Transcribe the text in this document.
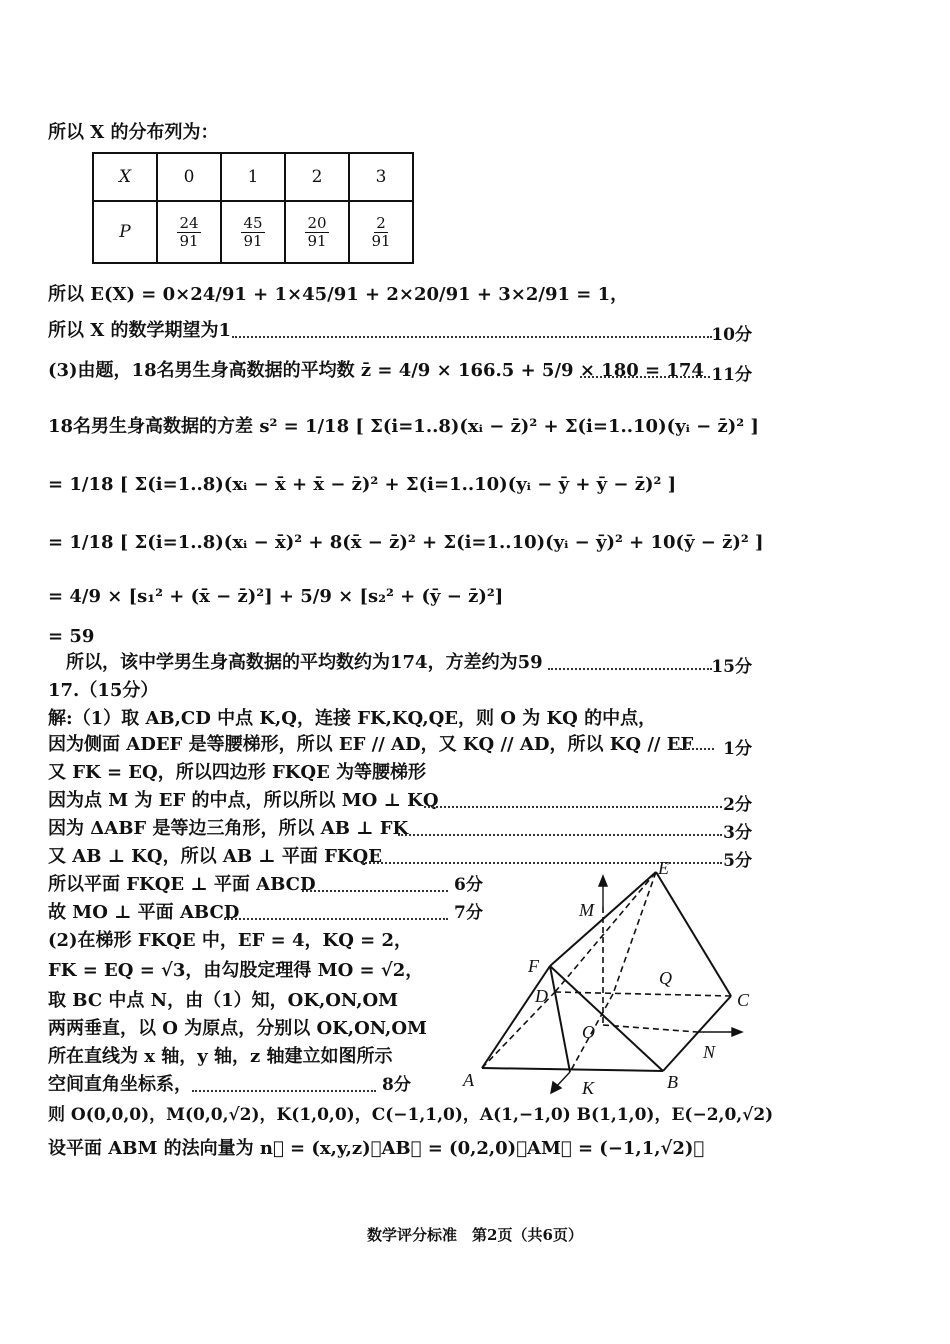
所以 X 的分布列为：
X	0	1	2	3
P	$\frac{24}{91}$	$\frac{45}{91}$	$\frac{20}{91}$	$\frac{2}{91}$
所以 E(X) = 0×24/91 + 1×45/91 + 2×20/91 + 3×2/91 = 1，
所以 X 的数学期望为1	10分
(3)由题，18名男生身高数据的平均数 z̄ = 4/9 × 166.5 + 5/9 × 180 = 174 11分
18名男生身高数据的方差 s² = 1/18 [ Σ(i=1..8)(xᵢ − z̄)² + Σ(i=1..10)(yᵢ − z̄)² ]
= 1/18 [ Σ(i=1..8)(xᵢ − x̄ + x̄ − z̄)² + Σ(i=1..10)(yᵢ − ȳ + ȳ − z̄)² ]
= 1/18 [ Σ(i=1..8)(xᵢ − x̄)² + 8(x̄ − z̄)² + Σ(i=1..10)(yᵢ − ȳ)² + 10(ȳ − z̄)² ]
= 4/9 × [s₁² + (x̄ − z̄)²] + 5/9 × [s₂² + (ȳ − z̄)²]
= 59
所以，该中学男生身高数据的平均数约为174，方差约为59	15分
17.（15分）
解:（1）取 AB,CD 中点 K,Q，连接 FK,KQ,QE，则 O 为 KQ 的中点，
因为侧面 ADEF 是等腰梯形，所以 EF // AD，又 KQ // AD，所以 KQ // EF 1分
又 FK = EQ，所以四边形 FKQE 为等腰梯形
因为点 M 为 EF 的中点，所以所以 MO ⊥ KQ	2分
因为 ΔABF 是等边三角形，所以 AB ⊥ FK	3分
又 AB ⊥ KQ，所以 AB ⊥ 平面 FKQE	5分
所以平面 FKQE ⊥ 平面 ABCD	6分
故 MO ⊥ 平面 ABCD	7分
(2)在梯形 FKQE 中，EF = 4，KQ = 2，
FK = EQ = √3，由勾股定理得 MO = √2，
取 BC 中点 N，由（1）知，OK,ON,OM
两两垂直，以 O 为原点，分别以 OK,ON,OM
所在直线为 x 轴，y 轴，z 轴建立如图所示
空间直角坐标系，	8分
则 O(0,0,0)，M(0,0,√2)，K(1,0,0)，C(−1,1,0)，A(1,−1,0) B(1,1,0)，E(−2,0,√2)
设平面 ABM 的法向量为 n⃗ = (x,y,z)，AB⃗ = (0,2,0)，AM⃗ = (−1,1,√2)，
E
M
F
Q
D	C
O
N
A	K	B
数学评分标准　第2页（共6页）
